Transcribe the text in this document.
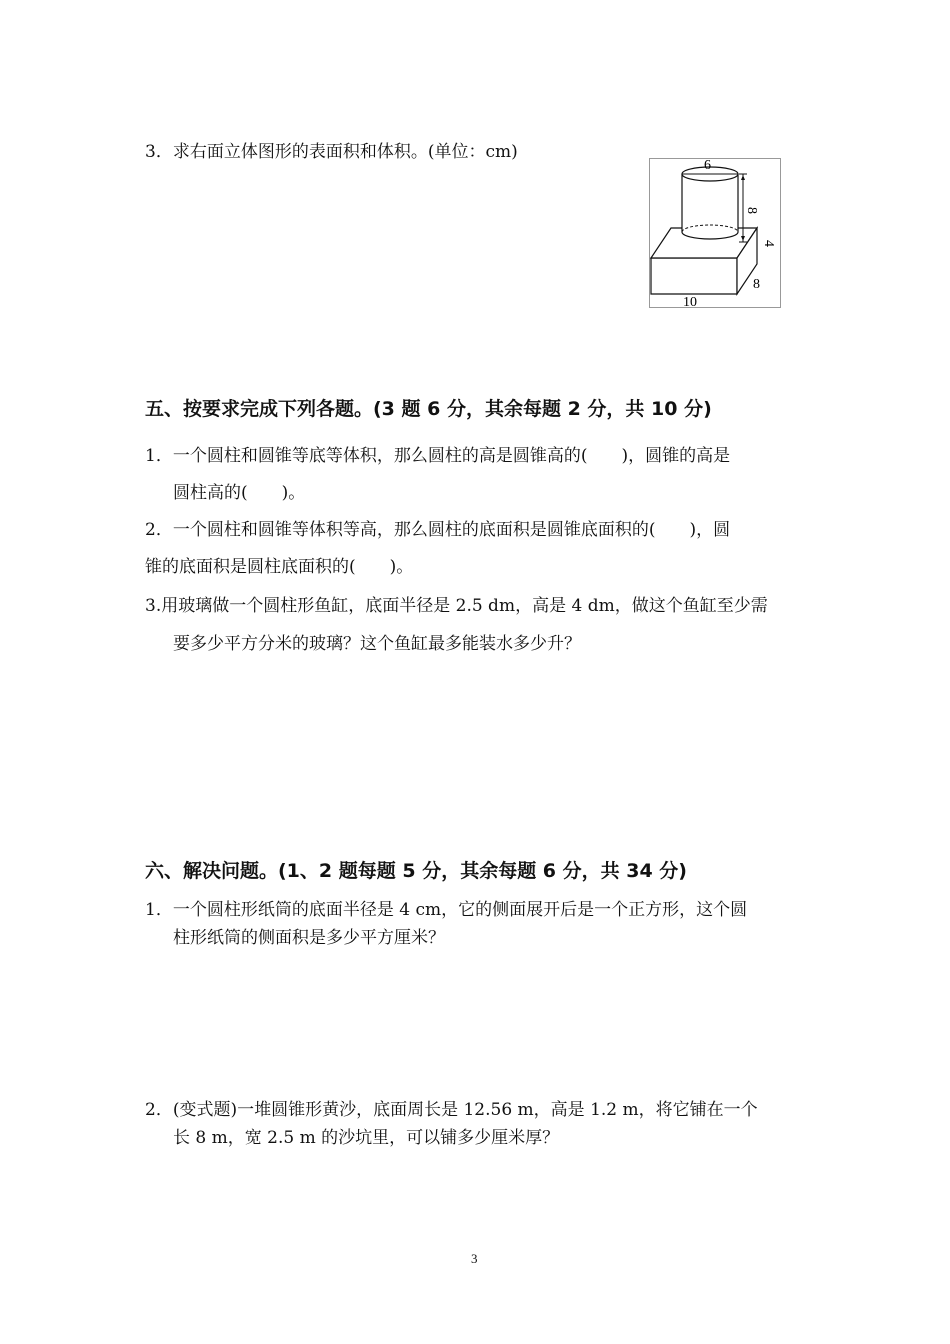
3．求右面立体图形的表面积和体积。(单位：cm)
6
8
4
8
10
五、按要求完成下列各题。(3 题 6 分，其余每题 2 分，共 10 分)
1．一个圆柱和圆锥等底等体积，那么圆柱的高是圆锥高的(　　)，圆锥的高是
圆柱高的(　　)。
2．一个圆柱和圆锥等体积等高，那么圆柱的底面积是圆锥底面积的(　　)，圆
锥的底面积是圆柱底面积的(　　)。
3.用玻璃做一个圆柱形鱼缸，底面半径是 2.5 dm，高是 4 dm，做这个鱼缸至少需
要多少平方分米的玻璃？这个鱼缸最多能装水多少升？
六、解决问题。(1、2 题每题 5 分，其余每题 6 分，共 34 分)
1．一个圆柱形纸筒的底面半径是 4 cm，它的侧面展开后是一个正方形，这个圆
柱形纸筒的侧面积是多少平方厘米？
2．(变式题)一堆圆锥形黄沙，底面周长是 12.56 m，高是 1.2 m，将它铺在一个
长 8 m，宽 2.5 m 的沙坑里，可以铺多少厘米厚？
3
